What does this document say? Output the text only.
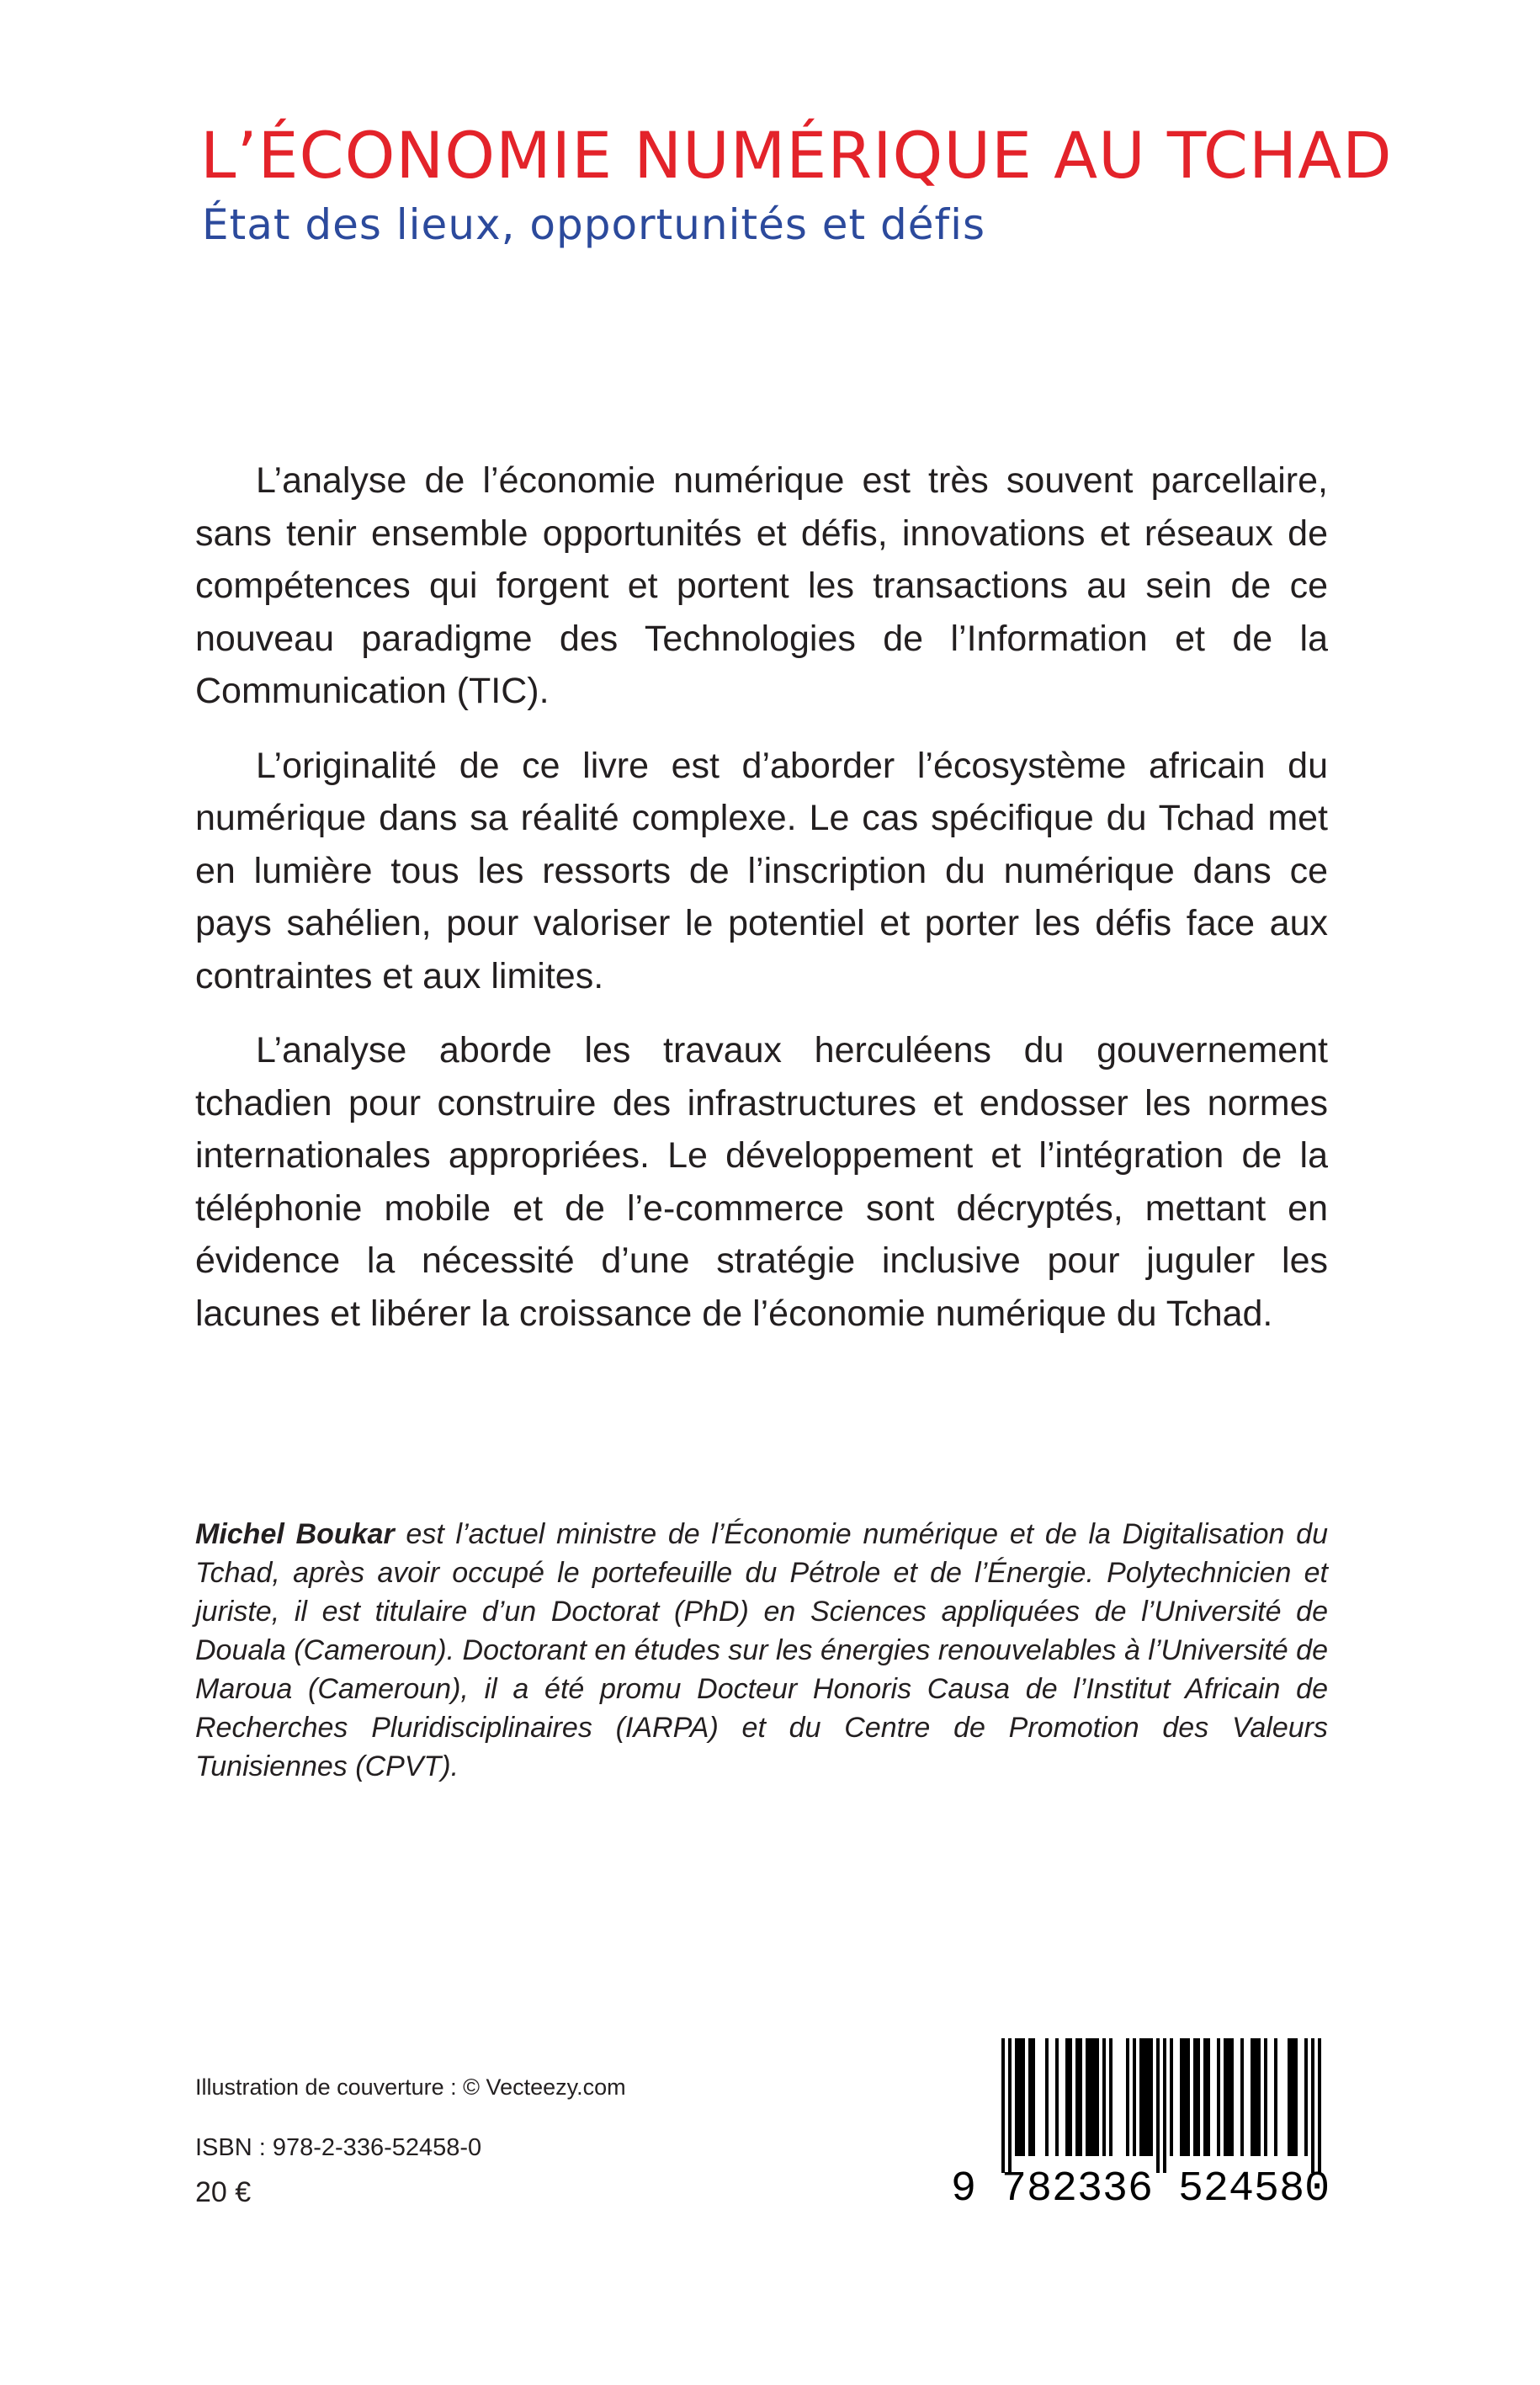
L’ÉCONOMIE NUMÉRIQUE AU TCHAD
État des lieux, opportunités et défis

L’analyse de l’économie numérique est très souvent parcellaire, sans tenir ensemble opportunités et défis, innovations et réseaux de compétences qui forgent et portent les transactions au sein de ce nouveau paradigme des Technologies de l’Information et de la Communication (TIC).

L’originalité de ce livre est d’aborder l’écosystème africain du numérique dans sa réalité complexe. Le cas spécifique du Tchad met en lumière tous les ressorts de l’inscription du numérique dans ce pays sahélien, pour valoriser le potentiel et porter les défis face aux contraintes et aux limites.

L’analyse aborde les travaux herculéens du gouvernement tchadien pour construire des infrastructures et endosser les normes internationales appropriées. Le développement et l’intégration de la téléphonie mobile et de l’e-commerce sont décryptés, mettant en évidence la nécessité d’une stratégie inclusive pour juguler les lacunes et libérer la croissance de l’économie numérique du Tchad.

Michel Boukar est l’actuel ministre de l’Économie numérique et de la Digitalisation du Tchad, après avoir occupé le portefeuille du Pétrole et de l’Énergie. Polytechnicien et juriste, il est titulaire d’un Doctorat (PhD) en Sciences appliquées de l’Université de Douala (Cameroun). Doctorant en études sur les énergies renouvelables à l’Université de Maroua (Cameroun), il a été promu Docteur Honoris Causa de l’Institut Africain de Recherches Pluridisciplinaires (IARPA) et du Centre de Promotion des Valeurs Tunisiennes (CPVT).

Illustration de couverture : © Vecteezy.com

ISBN : 978-2-336-52458-0

20 €	9 782336 524580
